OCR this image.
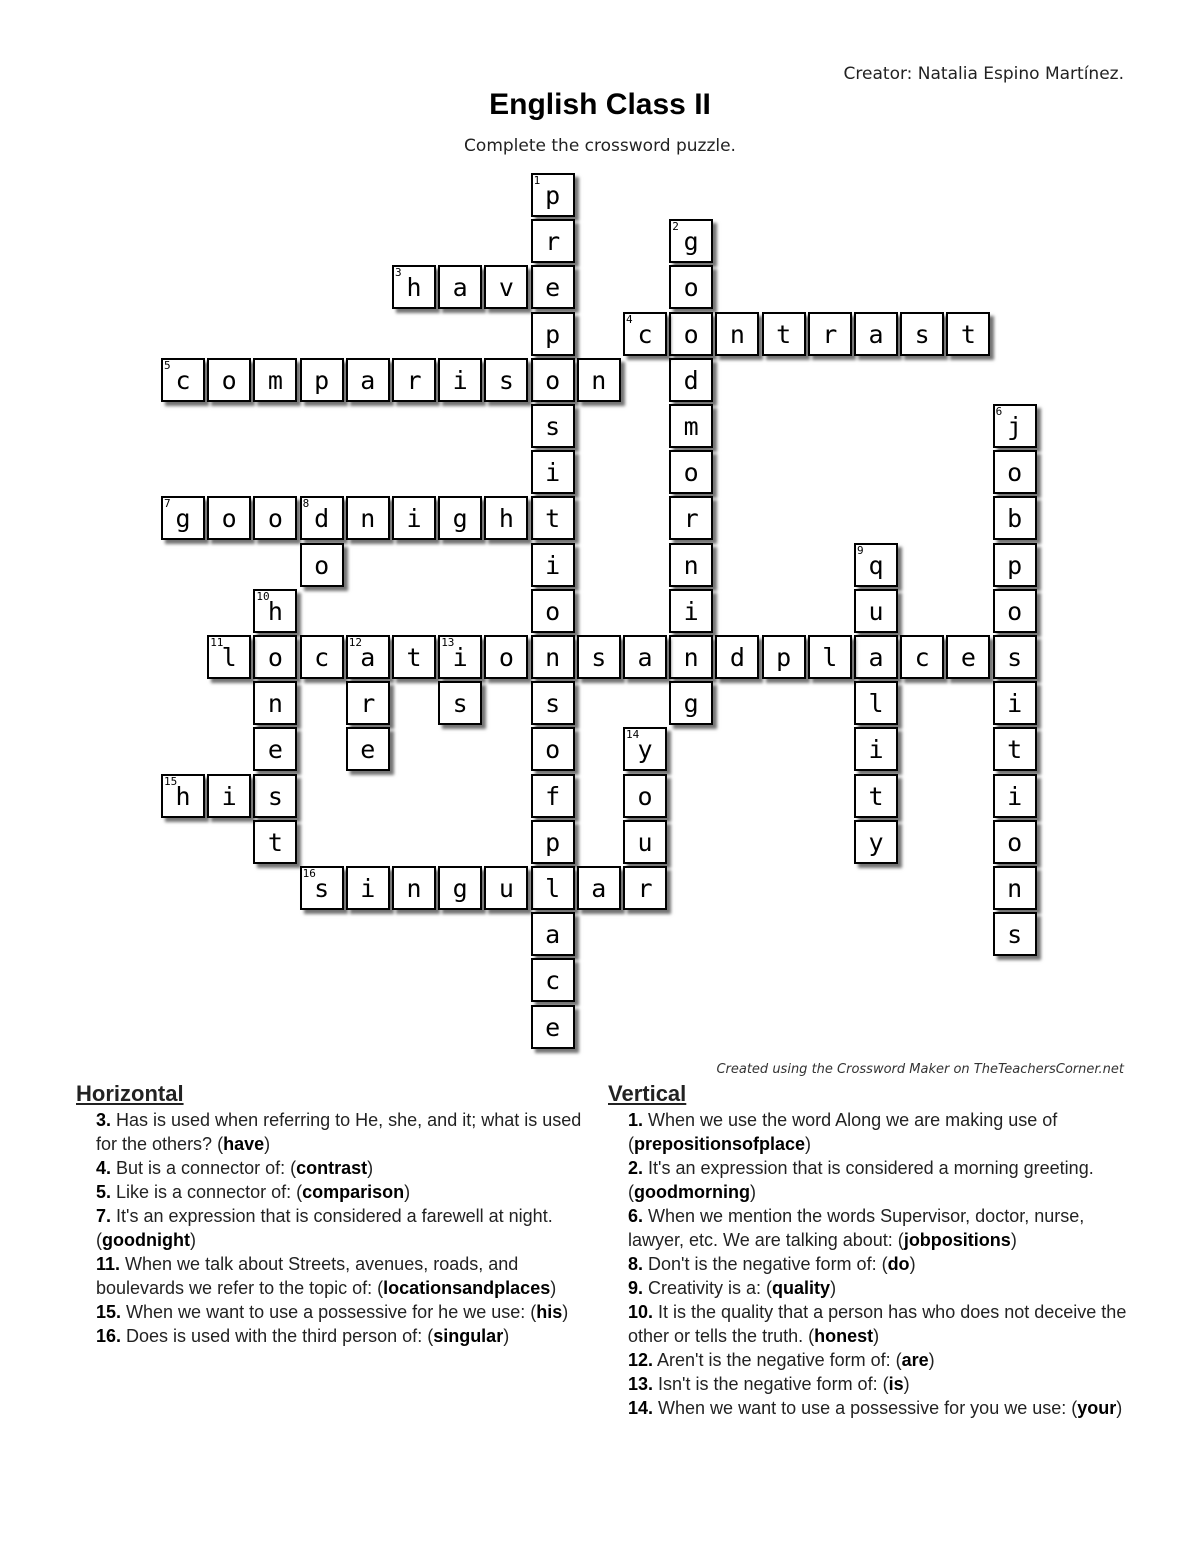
Creator: Natalia Espino Martínez.
English Class II
Complete the crossword puzzle.
p
r
e
p
o
s
i
t
i
o
n
s
o
f
p
l
a
c
e
g
o
o
d
m
o
r
n
i
n
g
h	a	v
c	n	t	r	a	s	t
c	o	m	p	a	r	i	s	n
j
o
b
p
o
s
i
t
i
o
n
s
g	o	o	d	n	i	g	h
o	q
u
a
l
i
t
y
h
o
n
e
s
t
l	c	a	t	i	o	s	a	d	p	l	c	e
r
e
s
y
o
u
h	i
s	i	n	g	u	a	r
1
2
3
4
5
6
7	8
9
10
11	12	13
14
15
16
Created using the Crossword Maker on TheTeachersCorner.net
Horizontal
3. Has is used when referring to He, she, and it; what is used for the others? (have)
4. But is a connector of: (contrast)
5. Like is a connector of: (comparison)
7. It's an expression that is considered a farewell at night. (goodnight)
11. When we talk about Streets, avenues, roads, and boulevards we refer to the topic of: (locationsandplaces)
15. When we want to use a possessive for he we use: (his)
16. Does is used with the third person of: (singular)
Vertical
1. When we use the word Along we are making use of (prepositionsofplace)
2. It's an expression that is considered a morning greeting. (goodmorning)
6. When we mention the words Supervisor, doctor, nurse, lawyer, etc. We are talking about: (jobpositions)
8. Don't is the negative form of: (do)
9. Creativity is a: (quality)
10. It is the quality that a person has who does not deceive the other or tells the truth. (honest)
12. Aren't is the negative form of: (are)
13. Isn't is the negative form of: (is)
14. When we want to use a possessive for you we use: (your)
